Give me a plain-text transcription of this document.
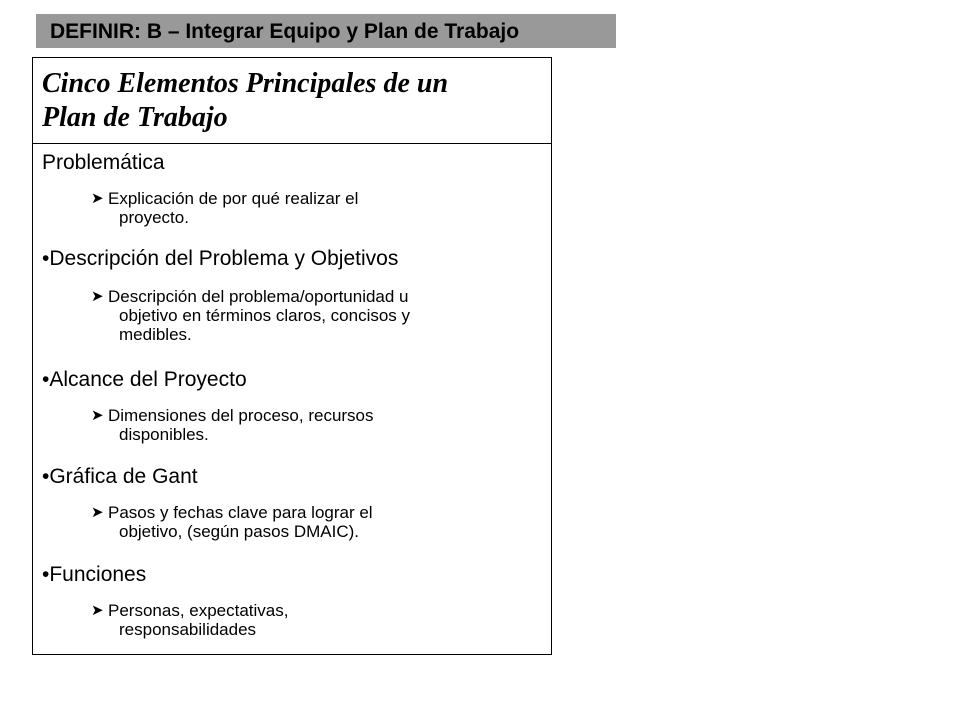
DEFINIR: B – Integrar Equipo y Plan de Trabajo
Cinco Elementos Principales de un
Plan de Trabajo
Problemática
➤ Explicación de por qué realizar el
proyecto.
•Descripción del Problema y Objetivos
➤ Descripción del problema/oportunidad u
objetivo en términos claros, concisos y
medibles.
•Alcance del Proyecto
➤ Dimensiones del proceso, recursos
disponibles.
•Gráfica de Gant
➤ Pasos y fechas clave para lograr el
objetivo, (según pasos DMAIC).
•Funciones
➤ Personas, expectativas,
responsabilidades
